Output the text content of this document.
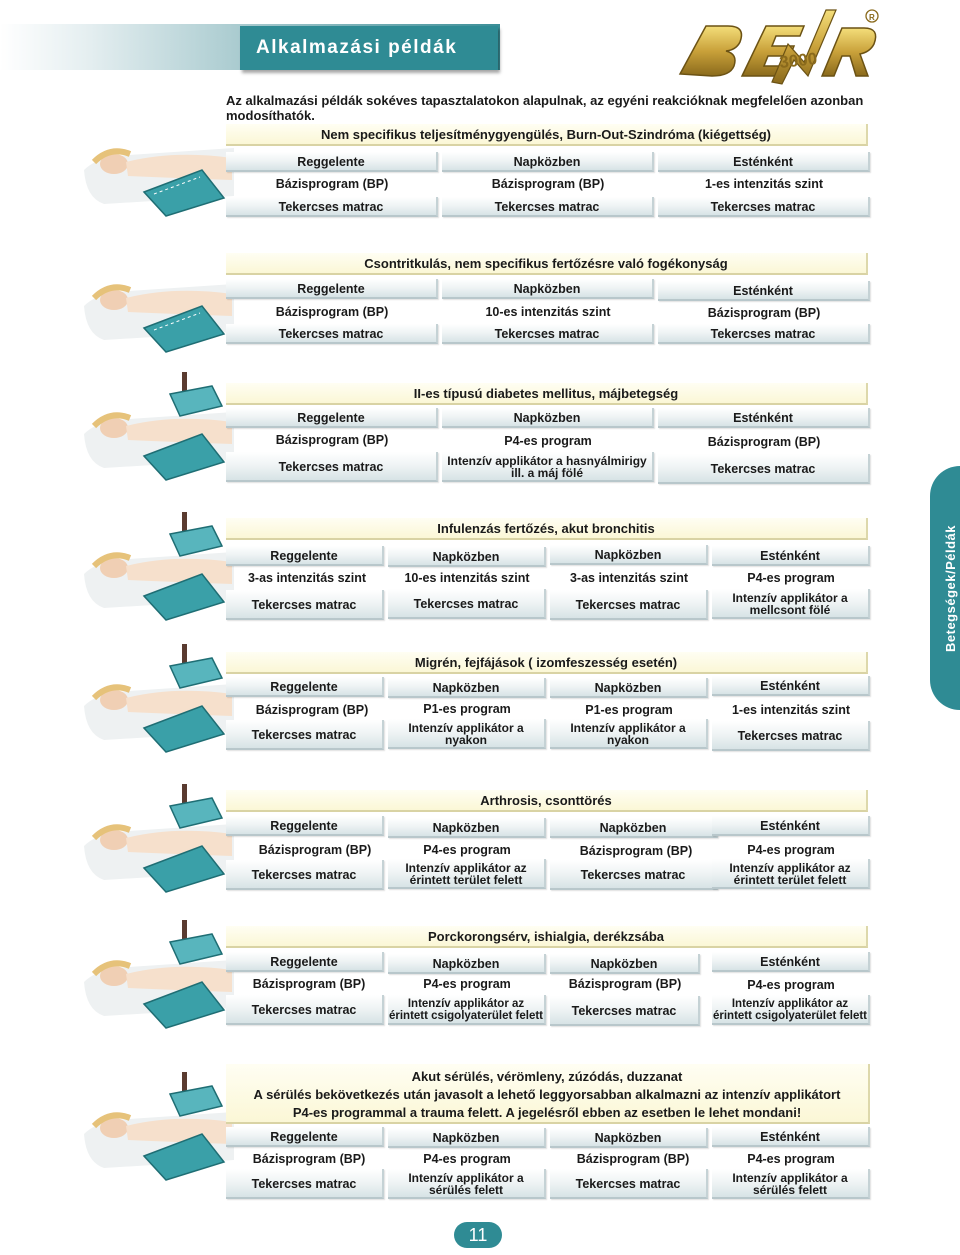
Alkalmazási példák
3000
R
Az alkalmazási példák sokéves tapasztalatokon alapulnak, az egyéni reakcióknak megfelelően azonban modosíthatók.
Nem specifikus teljesítménygyengülés, Burn-Out-Szindróma (kiégettség)
Reggelente
Bázisprogram (BP)
Tekercses matrac
Napközben
Bázisprogram (BP)
Tekercses matrac
Esténként
1-es intenzitás szint
Tekercses matrac
Csontritkulás, nem specifikus fertőzésre való fogékonyság
Reggelente
Bázisprogram (BP)
Tekercses matrac
Napközben
10-es intenzitás szint
Tekercses matrac
Esténként
Bázisprogram (BP)
Tekercses matrac
II-es típusú diabetes mellitus, májbetegség
Reggelente
Bázisprogram (BP)
Tekercses matrac
Napközben
P4-es program
Intenzív applikátor a hasnyálmirigy
ill. a máj fölé
Esténként
Bázisprogram (BP)
Tekercses matrac
Infulenzás fertőzés, akut bronchitis
Reggelente
3-as intenzitás szint
Tekercses matrac
Napközben
10-es intenzitás szint
Tekercses matrac
Napközben
3-as intenzitás szint
Tekercses matrac
Esténként
P4-es program
Intenzív applikátor a
mellcsont fölé
Migrén, fejfájások ( izomfeszesség esetén)
Reggelente
Bázisprogram (BP)
Tekercses matrac
Napközben
P1-es program
Intenzív applikátor a
nyakon
Napközben
P1-es program
Intenzív applikátor a
nyakon
Esténként
1-es intenzitás szint
Tekercses matrac
Arthrosis, csonttörés
Reggelente
Bázisprogram (BP)
Tekercses matrac
Napközben
P4-es program
Intenzív applikátor az
érintett terület felett
Napközben
Bázisprogram (BP)
Tekercses matrac
Esténként
P4-es program
Intenzív applikátor az
érintett terület felett
Porckorongsérv, ishialgia, derékzsába
Reggelente
Bázisprogram (BP)
Tekercses matrac
Napközben
P4-es program
Intenzív applikátor az
érintett csigolyaterület felett
Napközben
Bázisprogram (BP)
Tekercses matrac
Esténként
P4-es program
Intenzív applikátor az
érintett csigolyaterület felett
Akut sérülés, vérömleny, zúzódás, duzzanat
A sérülés bekövetkezés után javasolt a lehető leggyorsabban alkalmazni az intenzív applikátort
P4-es programmal a trauma felett. A jegelésről ebben az esetben le lehet mondani!
Reggelente
Bázisprogram (BP)
Tekercses matrac
Napközben
P4-es program
Intenzív applikátor a
sérülés felett
Napközben
Bázisprogram (BP)
Tekercses matrac
Esténként
P4-es program
Intenzív applikátor a
sérülés felett
Betegségek/Példák
11
